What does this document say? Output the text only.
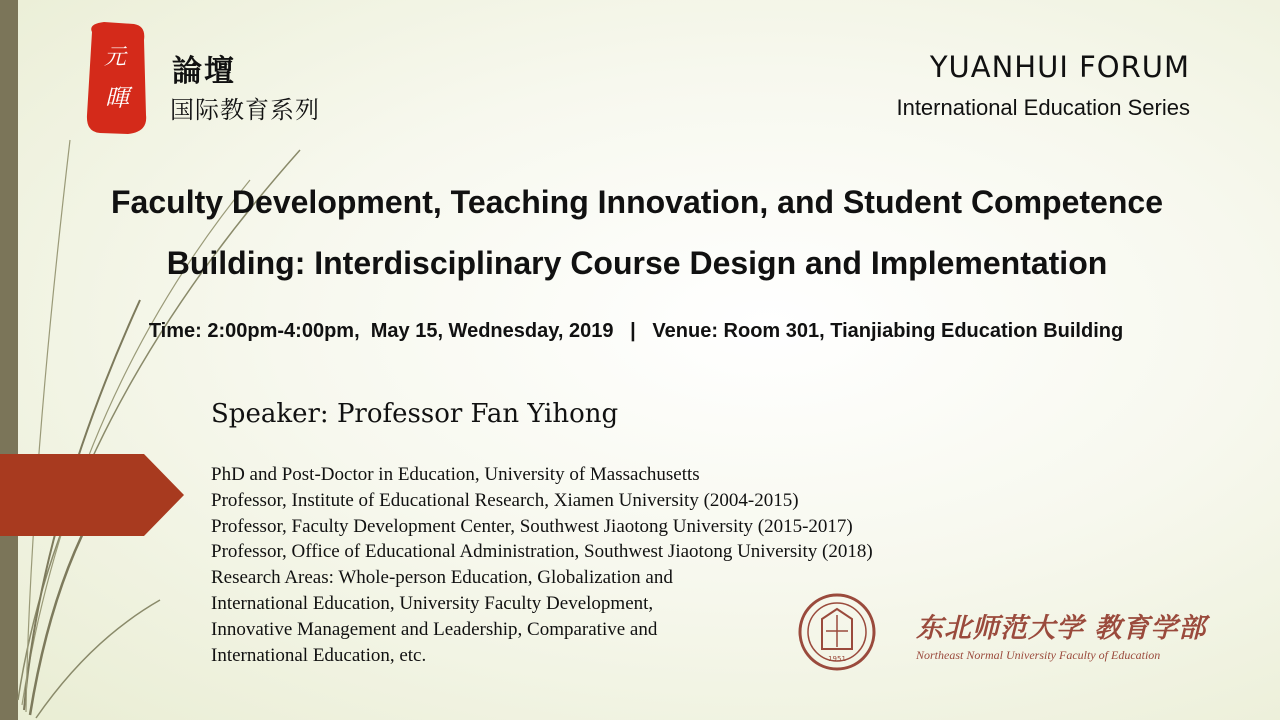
元
暉
論壇
国际教育系列
YUANHUI FORUM
International Education Series
Faculty Development, Teaching Innovation, and Student Competence
Building: Interdisciplinary Course Design and Implementation
Time: 2:00pm-4:00pm,  May 15, Wednesday, 2019   |   Venue: Room 301, Tianjiabing Education Building
Speaker: Professor Fan Yihong
PhD and Post-Doctor in Education, University of Massachusetts
Professor, Institute of Educational Research, Xiamen University (2004-2015)
Professor, Faculty Development Center, Southwest Jiaotong University (2015-2017)
Professor, Office of Educational Administration, Southwest Jiaotong University (2018)
Research Areas: Whole-person Education, Globalization and
International Education, University Faculty Development,
Innovative Management and Leadership, Comparative and
International Education, etc.	1951
东北师范大学 教育学部
Northeast Normal University Faculty of Education
